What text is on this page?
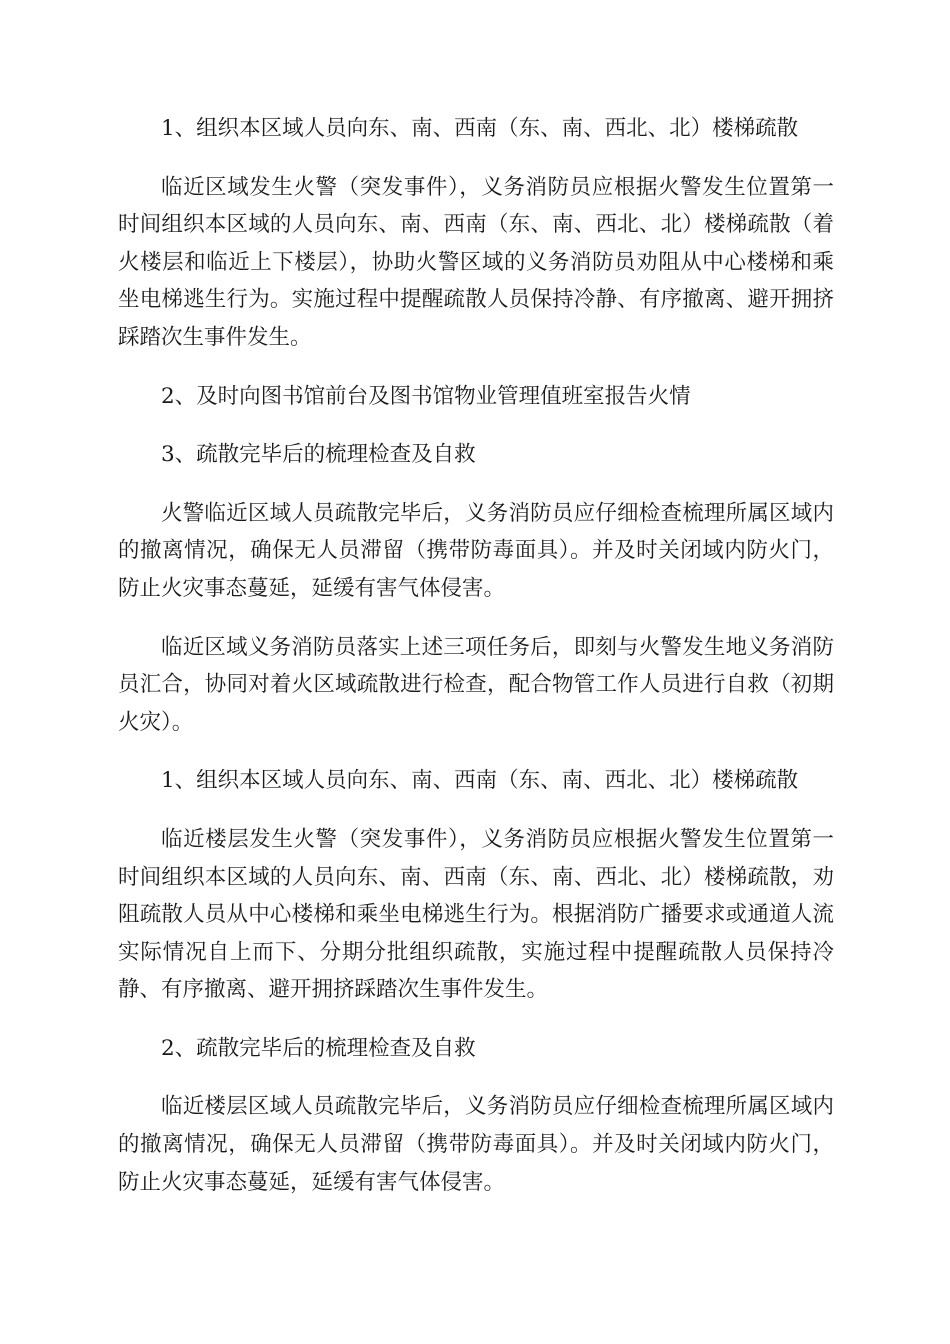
1、组织本区域人员向东、南、西南（东、南、西北、北）楼梯疏散

临近区域发生火警（突发事件），义务消防员应根据火警发生位置第一时间组织本区域的人员向东、南、西南（东、南、西北、北）楼梯疏散（着火楼层和临近上下楼层），协助火警区域的义务消防员劝阻从中心楼梯和乘坐电梯逃生行为。实施过程中提醒疏散人员保持冷静、有序撤离、避开拥挤踩踏次生事件发生。

2、及时向图书馆前台及图书馆物业管理值班室报告火情

3、疏散完毕后的梳理检查及自救

火警临近区域人员疏散完毕后，义务消防员应仔细检查梳理所属区域内的撤离情况，确保无人员滞留（携带防毒面具）。并及时关闭域内防火门，防止火灾事态蔓延，延缓有害气体侵害。

临近区域义务消防员落实上述三项任务后，即刻与火警发生地义务消防员汇合，协同对着火区域疏散进行检查，配合物管工作人员进行自救（初期火灾）。

1、组织本区域人员向东、南、西南（东、南、西北、北）楼梯疏散

临近楼层发生火警（突发事件），义务消防员应根据火警发生位置第一时间组织本区域的人员向东、南、西南（东、南、西北、北）楼梯疏散，劝阻疏散人员从中心楼梯和乘坐电梯逃生行为。根据消防广播要求或通道人流实际情况自上而下、分期分批组织疏散，实施过程中提醒疏散人员保持冷静、有序撤离、避开拥挤踩踏次生事件发生。

2、疏散完毕后的梳理检查及自救

临近楼层区域人员疏散完毕后，义务消防员应仔细检查梳理所属区域内的撤离情况，确保无人员滞留（携带防毒面具）。并及时关闭域内防火门，防止火灾事态蔓延，延缓有害气体侵害。
